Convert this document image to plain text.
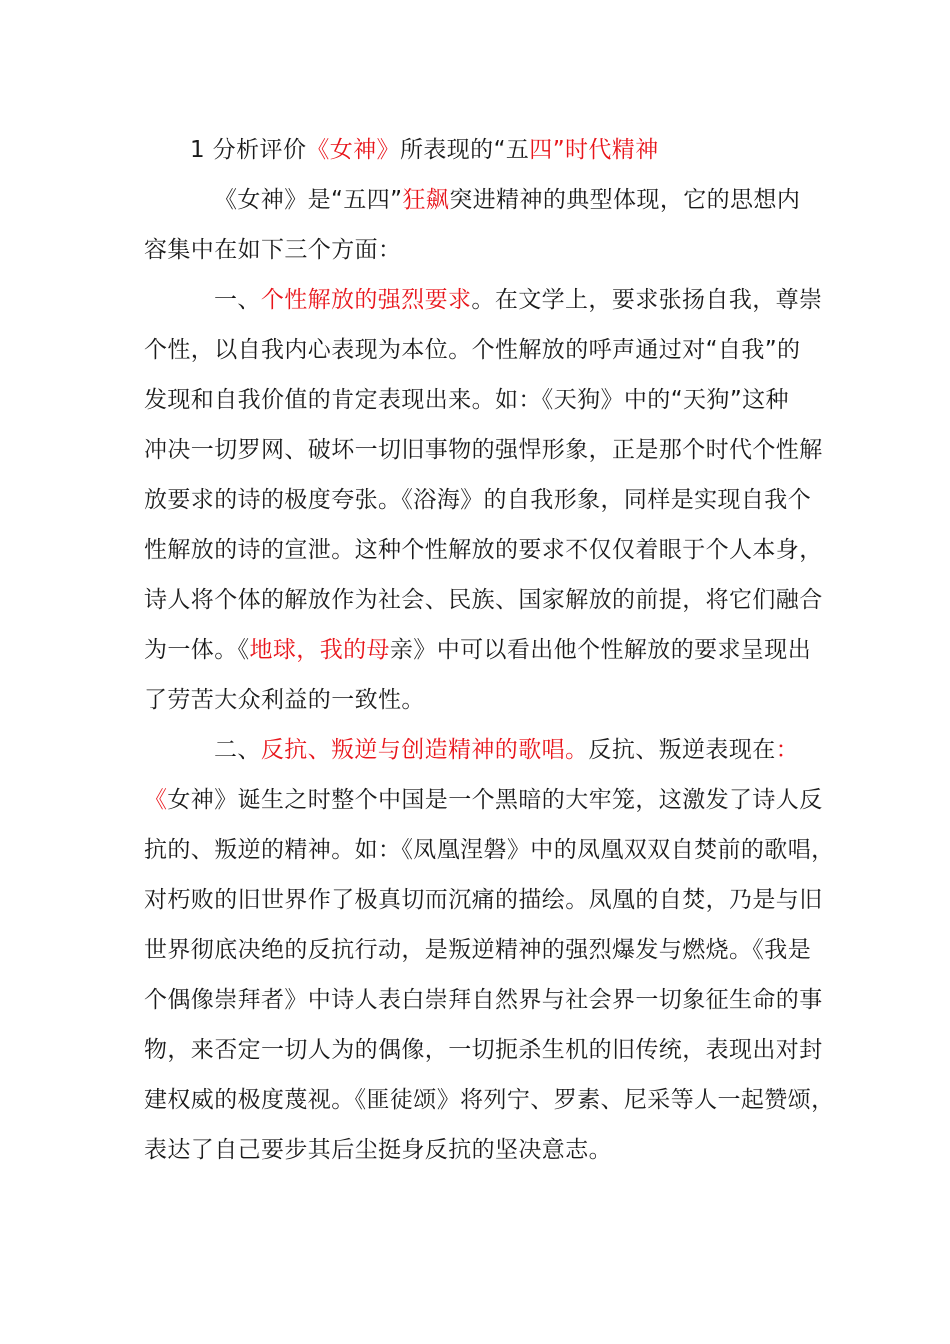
1 分析评价《女神》所表现的“五四”时代精神
《女神》是“五四”狂飙突进精神的典型体现，它的思想内
容集中在如下三个方面：
一、个性解放的强烈要求。在文学上，要求张扬自我，尊崇
个性，以自我内心表现为本位。个性解放的呼声通过对“自我”的
发现和自我价值的肯定表现出来。如：《天狗》中的“天狗”这种
冲决一切罗网、破坏一切旧事物的强悍形象，正是那个时代个性解
放要求的诗的极度夸张。《浴海》的自我形象，同样是实现自我个
性解放的诗的宣泄。这种个性解放的要求不仅仅着眼于个人本身，
诗人将个体的解放作为社会、民族、国家解放的前提，将它们融合
为一体。《地球，我的母亲》中可以看出他个性解放的要求呈现出
了劳苦大众利益的一致性。
二、反抗、叛逆与创造精神的歌唱。反抗、叛逆表现在：
《女神》诞生之时整个中国是一个黑暗的大牢笼，这激发了诗人反
抗的、叛逆的精神。如：《凤凰涅磐》中的凤凰双双自焚前的歌唱，
对朽败的旧世界作了极真切而沉痛的描绘。凤凰的自焚，乃是与旧
世界彻底决绝的反抗行动，是叛逆精神的强烈爆发与燃烧。《我是
个偶像崇拜者》中诗人表白崇拜自然界与社会界一切象征生命的事
物，来否定一切人为的偶像，一切扼杀生机的旧传统，表现出对封
建权威的极度蔑视。《匪徒颂》将列宁、罗素、尼采等人一起赞颂，
表达了自己要步其后尘挺身反抗的坚决意志。
